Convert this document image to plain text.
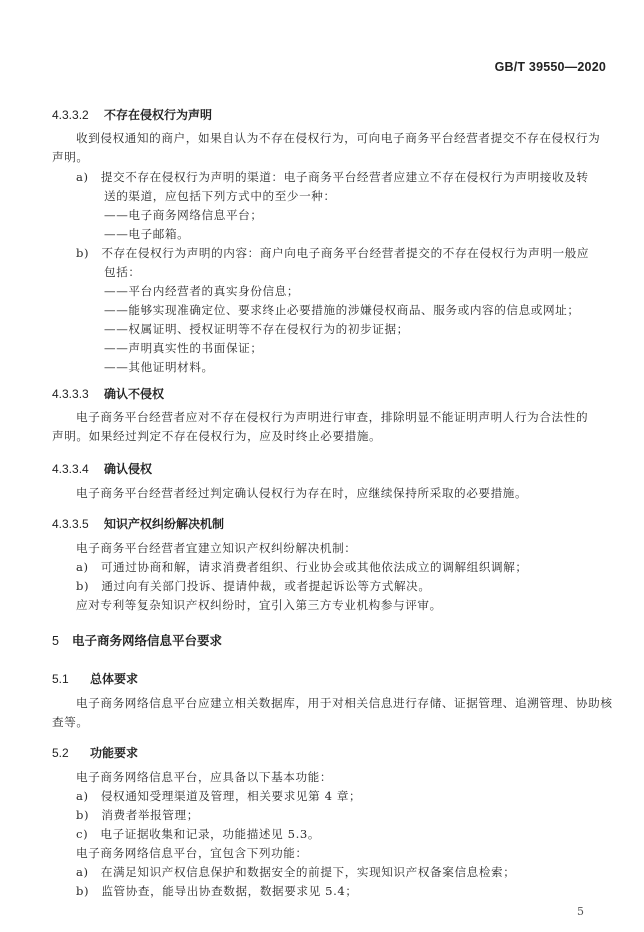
GB/T 39550—2020
4.3.3.2 不存在侵权行为声明
收到侵权通知的商户，如果自认为不存在侵权行为，可向电子商务平台经营者提交不存在侵权行为
声明。
a)　提交不存在侵权行为声明的渠道：电子商务平台经营者应建立不存在侵权行为声明接收及转
送的渠道，应包括下列方式中的至少一种：
——电子商务网络信息平台；
——电子邮箱。
b)　不存在侵权行为声明的内容：商户向电子商务平台经营者提交的不存在侵权行为声明一般应
包括：
——平台内经营者的真实身份信息；
——能够实现准确定位、要求终止必要措施的涉嫌侵权商品、服务或内容的信息或网址；
——权属证明、授权证明等不存在侵权行为的初步证据；
——声明真实性的书面保证；
——其他证明材料。
4.3.3.3 确认不侵权
电子商务平台经营者应对不存在侵权行为声明进行审查，排除明显不能证明声明人行为合法性的
声明。如果经过判定不存在侵权行为，应及时终止必要措施。
4.3.3.4 确认侵权
电子商务平台经营者经过判定确认侵权行为存在时，应继续保持所采取的必要措施。
4.3.3.5 知识产权纠纷解决机制
电子商务平台经营者宜建立知识产权纠纷解决机制：
a)　可通过协商和解，请求消费者组织、行业协会或其他依法成立的调解组织调解；
b)　通过向有关部门投诉、提请仲裁，或者提起诉讼等方式解决。
应对专利等复杂知识产权纠纷时，宜引入第三方专业机构参与评审。
5 电子商务网络信息平台要求
5.1 总体要求
电子商务网络信息平台应建立相关数据库，用于对相关信息进行存储、证据管理、追溯管理、协助核
查等。
5.2 功能要求
电子商务网络信息平台，应具备以下基本功能：
a)　侵权通知受理渠道及管理，相关要求见第 4 章；
b)　消费者举报管理；
c)　电子证据收集和记录，功能描述见 5.3。
电子商务网络信息平台，宜包含下列功能：
a)　在满足知识产权信息保护和数据安全的前提下，实现知识产权备案信息检索；
b)　监管协查，能导出协查数据，数据要求见 5.4；
5
